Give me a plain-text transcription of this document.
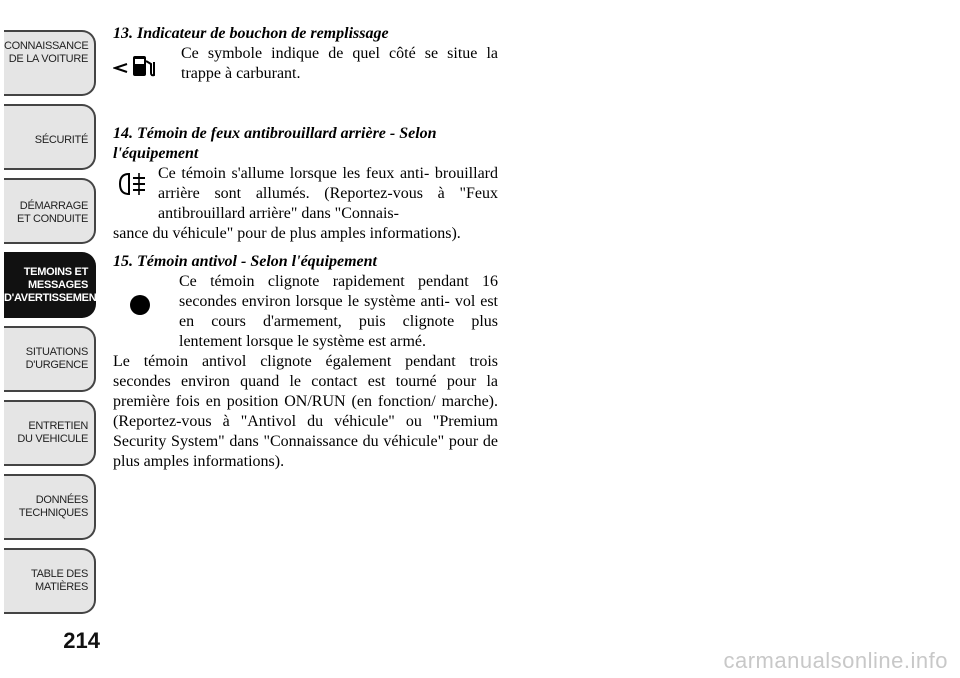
CONNAISSANCE
DE LA VOITURE
SÉCURITÉ
DÉMARRAGE
ET CONDUITE
TEMOINS ET
MESSAGES
D'AVERTISSEMENT
SITUATIONS
D'URGENCE
ENTRETIEN
DU VEHICULE
DONNÉES
TECHNIQUES
TABLE DES
MATIÈRES
214
13. Indicateur de bouchon de remplissage
Ce symbole indique de quel côté se situe la trappe à carburant.
14. Témoin de feux antibrouillard arrière - Selon
l'équipement
Ce témoin s'allume lorsque les feux anti- brouillard arrière sont allumés. (Reportez-vous à "Feux antibrouillard arrière" dans "Connais-
sance du véhicule" pour de plus amples informations).
15. Témoin antivol - Selon l'équipement
Ce témoin clignote rapidement pendant 16 secondes environ lorsque le système anti- vol est en cours d'armement, puis clignote plus lentement lorsque le système est armé.
Le témoin antivol clignote également pendant trois secondes environ quand le contact est tourné pour la première fois en position ON/RUN (en fonction/ marche). (Reportez-vous à "Antivol du véhicule" ou "Premium Security System" dans "Connaissance du véhicule" pour de plus amples informations).
carmanualsonline.info
